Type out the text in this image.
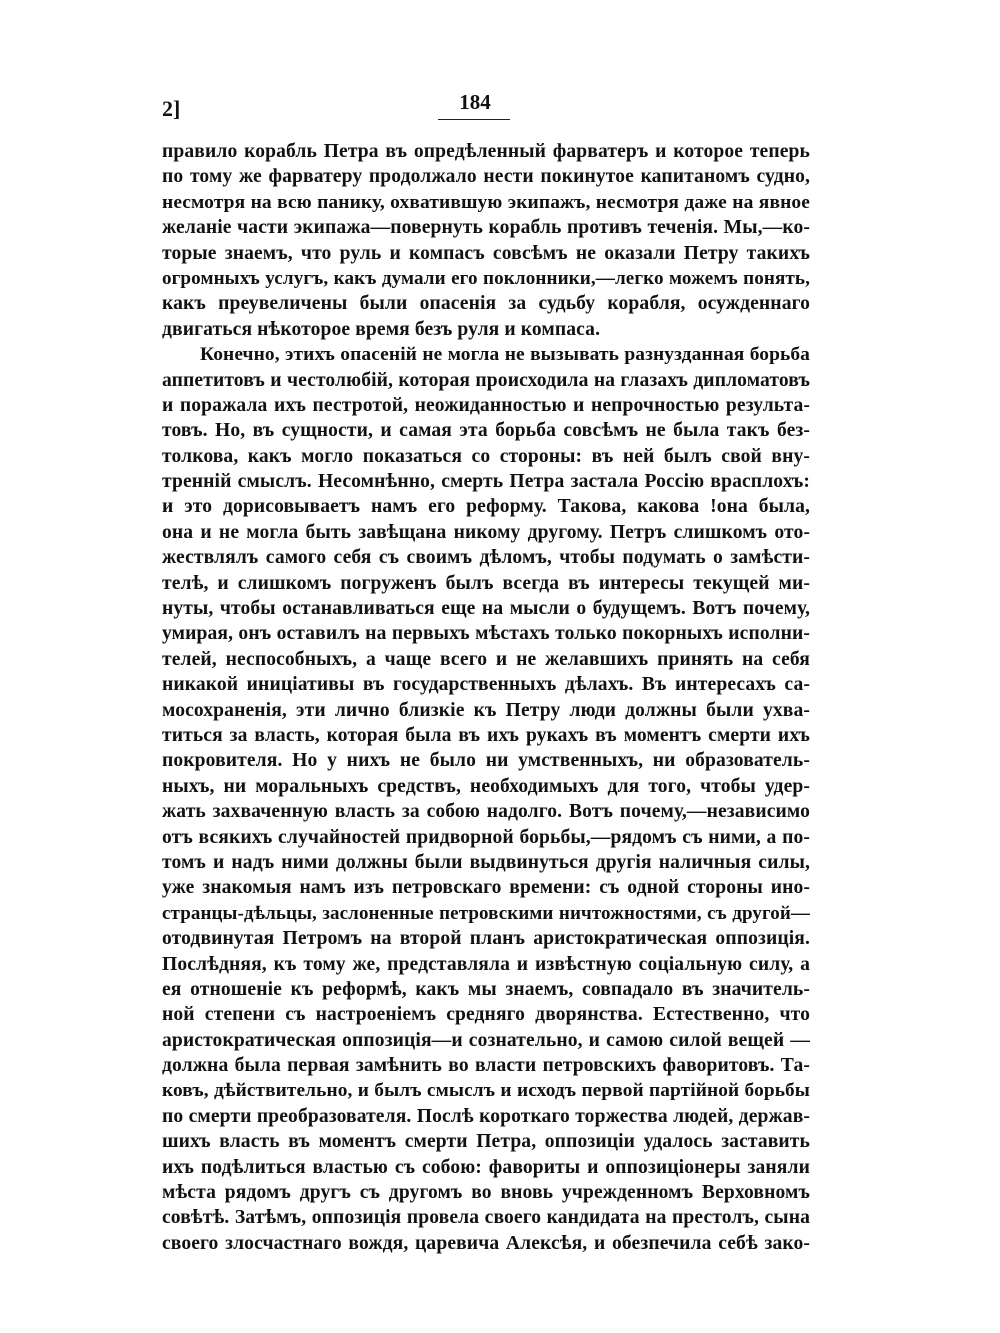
2]	184
правило корабль Петра въ опредѣленный фарватеръ и которое теперь
по тому же фарватеру продолжало нести покинутое капитаномъ судно,
несмотря на всю панику, охватившую экипажъ, несмотря даже на явное
желаніе части экипажа—повернуть корабль противъ теченія. Мы,—ко-
торые знаемъ, что руль и компасъ совсѣмъ не оказали Петру такихъ
огромныхъ услугъ, какъ думали его поклонники,—легко можемъ понять,
какъ преувеличены были опасенія за судьбу корабля, осужденнаго
двигаться нѣкоторое время безъ руля и компаса.
Конечно, этихъ опасеній не могла не вызывать разнузданная борьба
аппетитовъ и честолюбій, которая происходила на глазахъ дипломатовъ
и поражала ихъ пестротой, неожиданностью и непрочностью результа-
товъ. Но, въ сущности, и самая эта борьба совсѣмъ не была такъ без-
толкова, какъ могло показаться со стороны: въ ней былъ свой вну-
тренній смыслъ. Несомнѣнно, смерть Петра застала Россію врасплохъ:
и это дорисовываетъ намъ его реформу. Такова, какова !она была,
она и не могла быть завѣщана никому другому. Петръ слишкомъ ото-
жествлялъ самого себя съ своимъ дѣломъ, чтобы подумать о замѣсти-
телѣ, и слишкомъ погруженъ былъ всегда въ интересы текущей ми-
нуты, чтобы останавливаться еще на мысли о будущемъ. Вотъ почему,
умирая, онъ оставилъ на первыхъ мѣстахъ только покорныхъ исполни-
телей, неспособныхъ, а чаще всего и не желавшихъ принять на себя
никакой иниціативы въ государственныхъ дѣлахъ. Въ интересахъ са-
мосохраненія, эти лично близкіе къ Петру люди должны были ухва-
титься за власть, которая была въ ихъ рукахъ въ моментъ смерти ихъ
покровителя. Но у нихъ не было ни умственныхъ, ни образователь-
ныхъ, ни моральныхъ средствъ, необходимыхъ для того, чтобы удер-
жать захваченную власть за собою надолго. Вотъ почему,—независимо
отъ всякихъ случайностей придворной борьбы,—рядомъ съ ними, а по-
томъ и надъ ними должны были выдвинуться другія наличныя силы,
уже знакомыя намъ изъ петровскаго времени: съ одной стороны ино-
странцы-дѣльцы, заслоненные петровскими ничтожностями, съ другой—
отодвинутая Петромъ на второй планъ аристократическая оппозиція.
Послѣдняя, къ тому же, представляла и извѣстную соціальную силу, а
ея отношеніе къ реформѣ, какъ мы знаемъ, совпадало въ значитель-
ной степени съ настроеніемъ средняго дворянства. Естественно, что
аристократическая оппозиція—и сознательно, и самою силой вещей —
должна была первая замѣнить во власти петровскихъ фаворитовъ. Та-
ковъ, дѣйствительно, и былъ смыслъ и исходъ первой партійной борьбы
по смерти преобразователя. Послѣ короткаго торжества людей, держав-
шихъ власть въ моментъ смерти Петра, оппозиціи удалось заставить
ихъ подѣлиться властью съ собою: фавориты и оппозиціонеры заняли
мѣста рядомъ другъ съ другомъ во вновь учрежденномъ Верховномъ
совѣтѣ. Затѣмъ, оппозиція провела своего кандидата на престолъ, сына
своего злосчастнаго вождя, царевича Алексѣя, и обезпечила себѣ зако-
